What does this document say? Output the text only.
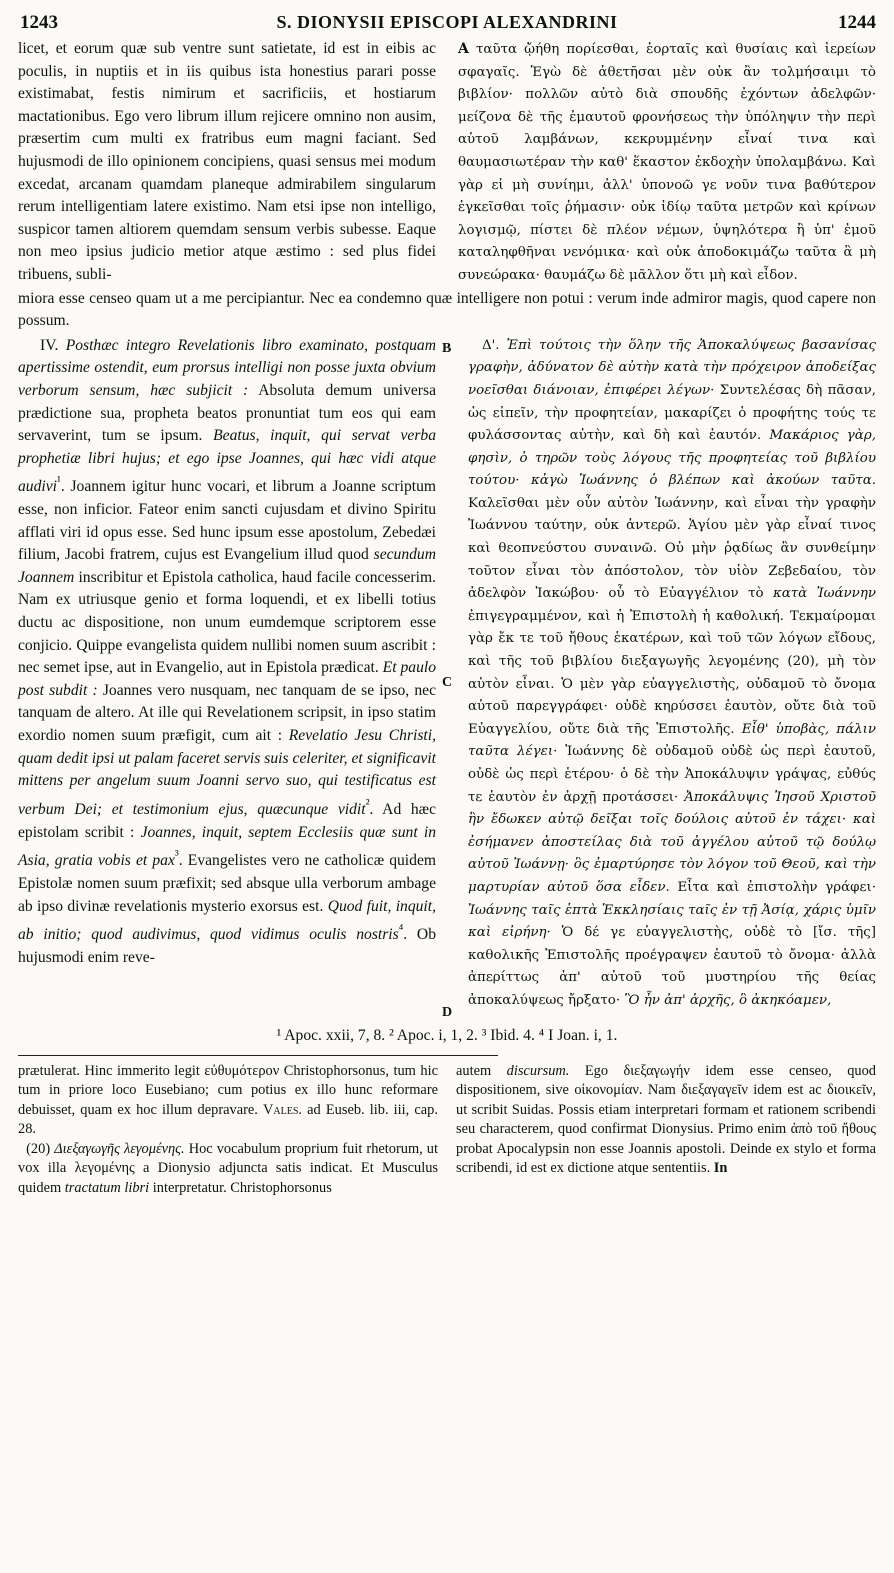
1243	S. DIONYSII EPISCOPI ALEXANDRINI	1244

licet, et eorum quæ sub ventre sunt satietate, id est in eibis ac poculis, in nuptiis et in iis quibus ista honestius parari posse existimabat, festis nimirum et sacrificiis, et hostiarum mactationibus. Ego vero librum illum rejicere omnino non ausim, præsertim cum multi ex fratribus eum magni faciant. Sed hujusmodi de illo opinionem concipiens, quasi sensus mei modum excedat, arcanam quamdam planeque admirabilem singularum rerum intelligentiam latere existimo. Nam etsi ipse non intelligo, suspicor tamen altiorem quemdam sensum verbis subesse. Eaque non meo ipsius judicio metior atque æstimo : sed plus fidei tribuens, subli-

A ταῦτα ᾤήθη πορίεσθαι, ἑορταῖς καὶ θυσίαις καὶ ἱερείων σφαγαῖς. Ἐγὼ δὲ ἀθετῆσαι μὲν οὐκ ἂν τολμήσαιμι τὸ βιβλίον· πολλῶν αὐτὸ διὰ σπουδῆς ἐχόντων ἀδελφῶν· μείζονα δὲ τῆς ἐμαυτοῦ φρονήσεως τὴν ὑπόληψιν τὴν περὶ αὐτοῦ λαμβάνων, κεκρυμμένην εἶναί τινα καὶ θαυμασιωτέραν τὴν καθ' ἕκαστον ἐκδοχὴν ὑπολαμβάνω. Καὶ γὰρ εἰ μὴ συνίημι, ἀλλ' ὑπονοῶ γε νοῦν τινα βαθύτερον ἐγκεῖσθαι τοῖς ῥήμασιν· οὐκ ἰδίῳ ταῦτα μετρῶν καὶ κρίνων λογισμῷ, πίστει δὲ πλέον νέμων, ὑψηλότερα ἢ ὑπ' ἐμοῦ καταληφθῆναι νενόμικα· καὶ οὐκ ἀποδοκιμάζω ταῦτα ἃ μὴ συνεώρακα· θαυμάζω δὲ μᾶλλον ὅτι μὴ καὶ εἶδον.

miora esse censeo quam ut a me percipiantur. Nec ea condemno quæ intelligere non potui : verum inde admiror magis, quod capere non possum.

IV. Posthæc integro Revelationis libro examinato, postquam apertissime ostendit, eum prorsus intelligi non posse juxta obvium verborum sensum, hæc subjicit : Absoluta demum universa prædictione sua, propheta beatos pronuntiat tum eos qui eam servaverint, tum se ipsum. Beatus, inquit, qui servat verba prophetiæ libri hujus; et ego ipse Joannes, qui hæc vidi atque audivi$^{^1}$. Joannem igitur hunc vocari, et librum a Joanne scriptum esse, non inficior. Fateor enim sancti cujusdam et divino Spiritu afflati viri id opus esse. Sed hunc ipsum esse apostolum, Zebedæi filium, Jacobi fratrem, cujus est Evangelium illud quod secundum Joannem inscribitur et Epistola catholica, haud facile concesserim. Nam ex utriusque genio et forma loquendi, et ex libelli totius ductu ac dispositione, non unum eumdemque scriptorem esse conjicio. Quippe evangelista quidem nullibi nomen suum ascribit : nec semet ipse, aut in Evangelio, aut in Epistola prædicat. Et paulo post subdit : Joannes vero nusquam, nec tanquam de se ipso, nec tanquam de altero. At ille qui Revelationem scripsit, in ipso statim exordio nomen suum præfigit, cum ait : Revelatio Jesu Christi, quam dedit ipsi ut palam faceret servis suis celeriter, et significavit mittens per angelum suum Joanni servo suo, qui testificatus est verbum Dei; et testimonium ejus, quæcunque vidit$^{^2}$. Ad hæc epistolam scribit : Joannes, inquit, septem Ecclesiis quæ sunt in Asia, gratia vobis et pax$^{^3}$. Evangelistes vero ne catholicæ quidem Epistolæ nomen suum præfixit; sed absque ulla verborum ambage ab ipso divinæ revelationis mysterio exorsus est. Quod fuit, inquit, ab initio; quod audivimus, quod vidimus oculis nostris$^{^4}$. Ob hujusmodi enim reve-

B
C
D

Δ'. Ἐπὶ τούτοις τὴν ὅλην τῆς Ἀποκαλύψεως βασανίσας γραφὴν, ἀδύνατον δὲ αὐτὴν κατὰ τὴν πρόχειρον ἀποδείξας νοεῖσθαι διάνοιαν, ἐπιφέρει λέγων· Συντελέσας δὴ πᾶσαν, ὡς εἰπεῖν, τὴν προφητείαν, μακαρίζει ὁ προφήτης τούς τε φυλάσσοντας αὐτὴν, καὶ δὴ καὶ ἑαυτόν. Μακάριος γὰρ, φησὶν, ὁ τηρῶν τοὺς λόγους τῆς προφητείας τοῦ βιβλίου τούτου· κἀγὼ Ἰωάννης ὁ βλέπων καὶ ἀκούων ταῦτα. Καλεῖσθαι μὲν οὖν αὐτὸν Ἰωάννην, καὶ εἶναι τὴν γραφὴν Ἰωάννου ταύτην, οὐκ ἀντερῶ. Ἁγίου μὲν γὰρ εἶναί τινος καὶ θεοπνεύστου συναινῶ. Οὐ μὴν ῥᾳδίως ἂν συνθείμην τοῦτον εἶναι τὸν ἀπόστολον, τὸν υἱὸν Ζεβεδαίου, τὸν ἀδελφὸν Ἰακώβου· οὗ τὸ Εὐαγγέλιον τὸ κατὰ Ἰωάννην ἐπιγεγραμμένον, καὶ ἡ Ἐπιστολὴ ἡ καθολική. Τεκμαίρομαι γὰρ ἔκ τε τοῦ ἤθους ἑκατέρων, καὶ τοῦ τῶν λόγων εἴδους, καὶ τῆς τοῦ βιβλίου διεξαγωγῆς λεγομένης (20), μὴ τὸν αὐτὸν εἶναι. Ὁ μὲν γὰρ εὐαγγελιστὴς, οὐδαμοῦ τὸ ὄνομα αὐτοῦ παρεγγράφει· οὐδὲ κηρύσσει ἑαυτὸν, οὔτε διὰ τοῦ Εὐαγγελίου, οὔτε διὰ τῆς Ἐπιστολῆς. Εἶθ' ὑποβὰς, πάλιν ταῦτα λέγει· Ἰωάννης δὲ οὐδαμοῦ οὐδὲ ὡς περὶ ἑαυτοῦ, οὐδὲ ὡς περὶ ἑτέρου· ὁ δὲ τὴν Ἀποκάλυψιν γράψας, εὐθύς τε ἑαυτὸν ἐν ἀρχῇ προτάσσει· Ἀποκάλυψις Ἰησοῦ Χριστοῦ ἣν ἔδωκεν αὐτῷ δεῖξαι τοῖς δούλοις αὐτοῦ ἐν τάχει· καὶ ἐσήμανεν ἀποστείλας διὰ τοῦ ἀγγέλου αὐτοῦ τῷ δούλῳ αὐτοῦ Ἰωάννῃ· ὃς ἐμαρτύρησε τὸν λόγον τοῦ Θεοῦ, καὶ τὴν μαρτυρίαν αὐτοῦ ὅσα εἶδεν. Εἶτα καὶ ἐπιστολὴν γράφει· Ἰωάννης ταῖς ἑπτὰ Ἐκκλησίαις ταῖς ἐν τῇ Ἀσίᾳ, χάρις ὑμῖν καὶ εἰρήνη· Ὁ δέ γε εὐαγγελιστὴς, οὐδὲ τὸ [ἴσ. τῆς] καθολικῆς Ἐπιστολῆς προέγραψεν ἑαυτοῦ τὸ ὄνομα· ἀλλὰ ἀπερίττως ἀπ' αὐτοῦ τοῦ μυστηρίου τῆς θείας ἀποκαλύψεως ἤρξατο· Ὃ ἦν ἀπ' ἀρχῆς, ὃ ἀκηκόαμεν,

¹ Apoc. xxii, 7, 8. ² Apoc. i, 1, 2. ³ Ibid. 4. ⁴ I Joan. i, 1.

prætulerat. Hinc immerito legit εὐθυμότερον Christophorsonus, tum hic tum in priore loco Eusebiano; cum potius ex illo hunc reformare debuisset, quam ex hoc illum depravare. Vales. ad Euseb. lib. iii, cap. 28.

(20) Διεξαγωγῆς λεγομένης. Hoc vocabulum proprium fuit rhetorum, ut vox illa λεγομένης a Dionysio adjuncta satis indicat. Et Musculus quidem tractatum libri interpretatur. Christophorsonus

autem discursum. Ego διεξαγωγήν idem esse censeo, quod dispositionem, sive οἰκονομίαν. Nam διεξαγαγεῖν idem est ac διοικεῖν, ut scribit Suidas. Possis etiam interpretari formam et rationem scribendi seu characterem, quod confirmat Dionysius. Primo enim ἀπὸ τοῦ ἤθους probat Apocalypsin non esse Joannis apostoli. Deinde ex stylo et forma scribendi, id est ex dictione atque sententiis. In
